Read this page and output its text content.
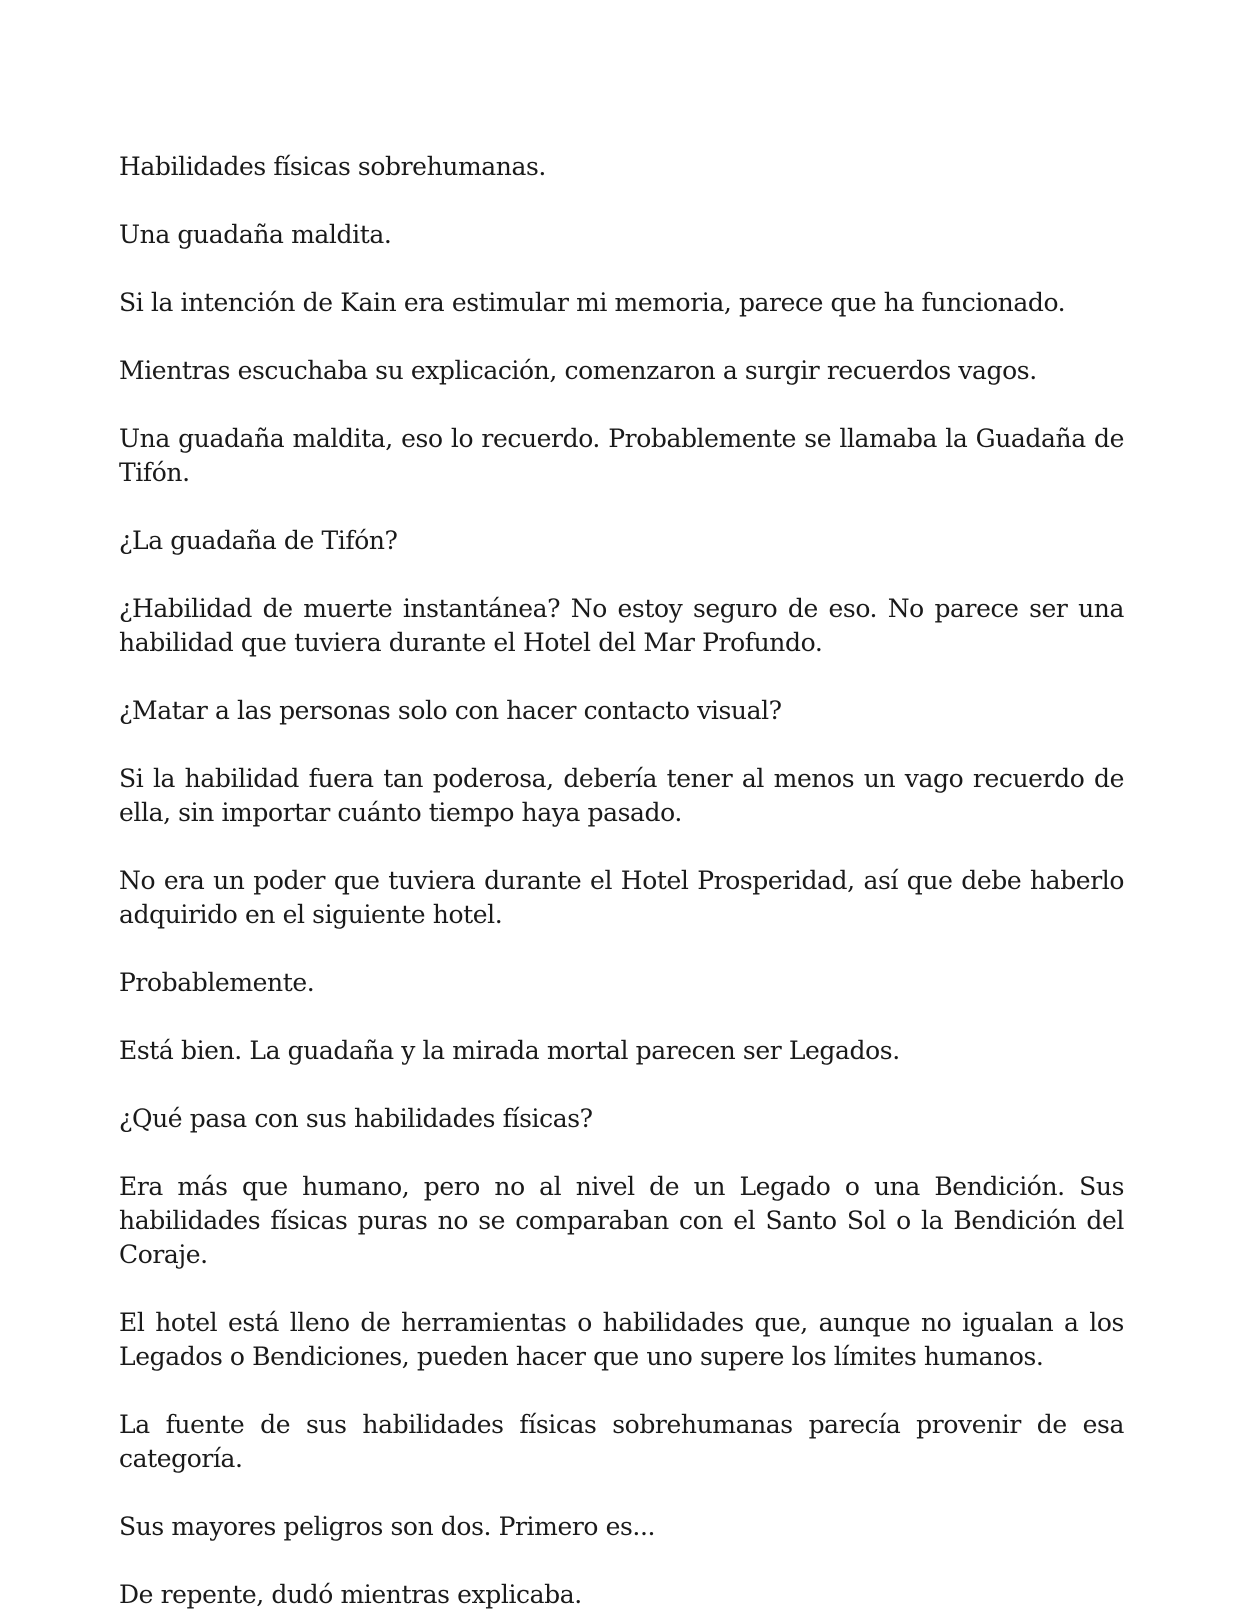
Habilidades físicas sobrehumanas.

Una guadaña maldita.

Si la intención de Kain era estimular mi memoria, parece que ha funcionado.

Mientras escuchaba su explicación, comenzaron a surgir recuerdos vagos.

Una guadaña maldita, eso lo recuerdo. Probablemente se llamaba la Guadaña de Tifón.

¿La guadaña de Tifón?

¿Habilidad de muerte instantánea? No estoy seguro de eso. No parece ser una habilidad que tuviera durante el Hotel del Mar Profundo.

¿Matar a las personas solo con hacer contacto visual?

Si la habilidad fuera tan poderosa, debería tener al menos un vago recuerdo de ella, sin importar cuánto tiempo haya pasado.

No era un poder que tuviera durante el Hotel Prosperidad, así que debe haberlo adquirido en el siguiente hotel.

Probablemente.

Está bien. La guadaña y la mirada mortal parecen ser Legados.

¿Qué pasa con sus habilidades físicas?

Era más que humano, pero no al nivel de un Legado o una Bendición. Sus habilidades físicas puras no se comparaban con el Santo Sol o la Bendición del Coraje.

El hotel está lleno de herramientas o habilidades que, aunque no igualan a los Legados o Bendiciones, pueden hacer que uno supere los límites humanos.

La fuente de sus habilidades físicas sobrehumanas parecía provenir de esa categoría.

Sus mayores peligros son dos. Primero es...

De repente, dudó mientras explicaba.
